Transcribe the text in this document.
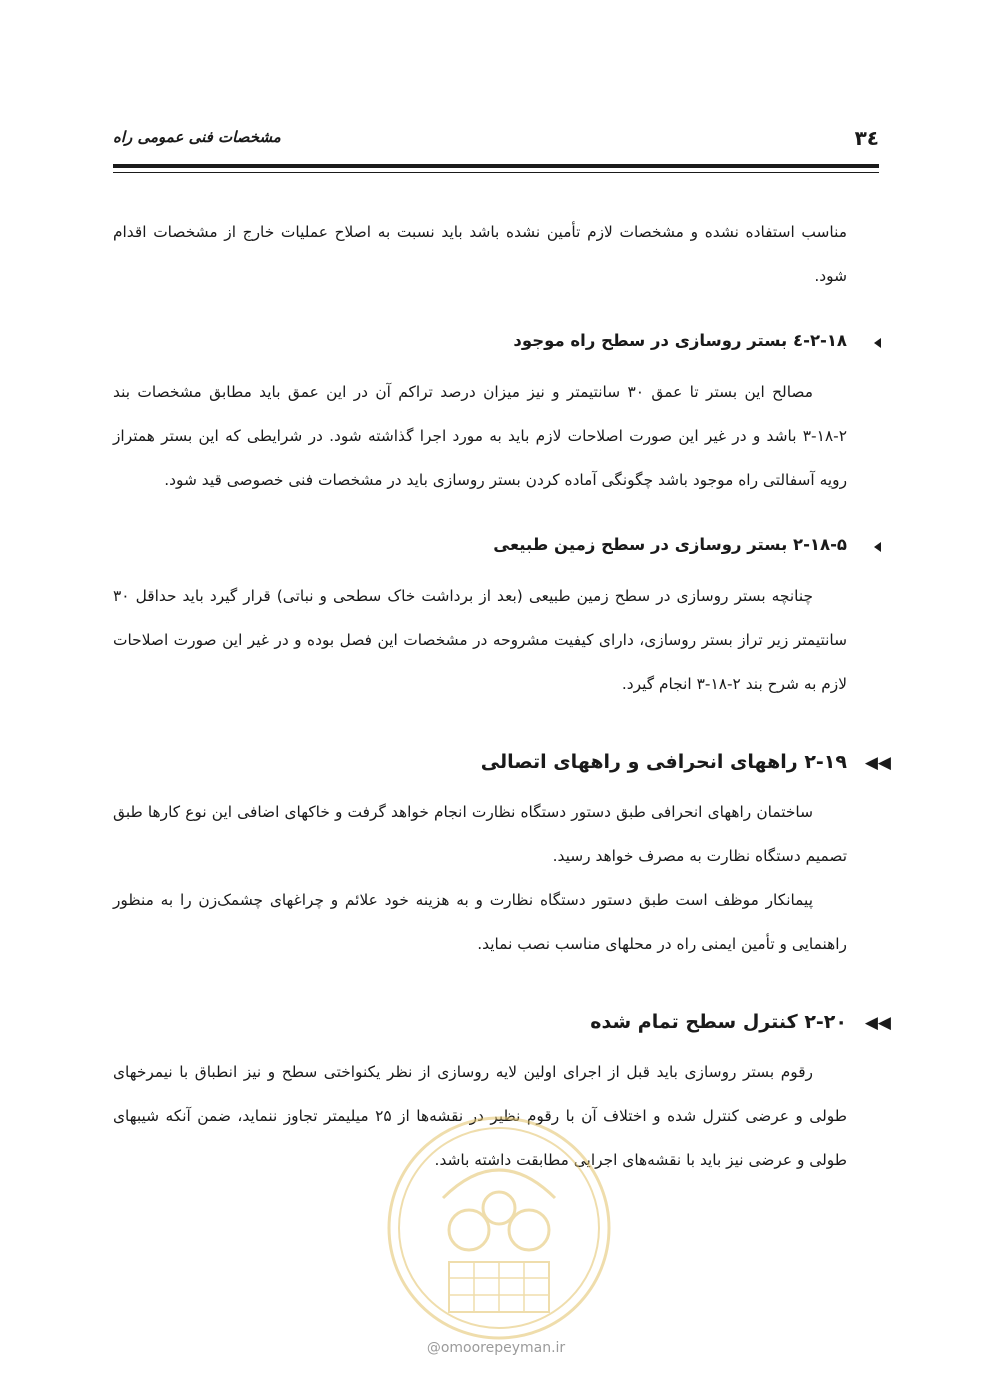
۳٤
مشخصات فنی عمومی راه

مناسب استفاده نشده و مشخصات لازم تأمین نشده باشد باید نسبت به اصلاح عملیات خارج از مشخصات اقدام شود.

۲-۱۸-٤ بستر روسازی در سطح راه موجود

مصالح این بستر تا عمق ۳۰ سانتیمتر و نیز میزان درصد تراکم آن در این عمق باید مطابق مشخصات بند ۲-۱۸-۳ باشد و در غیر این صورت اصلاحات لازم باید به مورد اجرا گذاشته شود. در شرایطی که این بستر همتراز رویه آسفالتی راه موجود باشد چگونگی آماده کردن بستر روسازی باید در مشخصات فنی خصوصی قید شود.

۲-۱۸-۵ بستر روسازی در سطح زمین طبیعی

چنانچه بستر روسازی در سطح زمین طبیعی (بعد از برداشت خاک سطحی و نباتی) قرار گیرد باید حداقل ۳۰ سانتیمتر زیر تراز بستر روسازی، دارای کیفیت مشروحه در مشخصات این فصل بوده و در غیر این صورت اصلاحات لازم به شرح بند ۲-۱۸-۳ انجام گیرد.

◀◀
۲-۱۹ راههای انحرافی و راههای اتصالی

ساختمان راههای انحرافی طبق دستور دستگاه نظارت انجام خواهد گرفت و خاکهای اضافی این نوع کارها طبق تصمیم دستگاه نظارت به مصرف خواهد رسید.

پیمانکار موظف است طبق دستور دستگاه نظارت و به هزینه خود علائم و چراغهای چشمک‌زن را به منظور راهنمایی و تأمین ایمنی راه در محلهای مناسب نصب نماید.

◀◀
۲-۲۰ کنترل سطح تمام شده

رقوم بستر روسازی باید قبل از اجرای اولین لایه روسازی از نظر یکنواختی سطح و نیز انطباق با نیمرخهای طولی و عرضی کنترل شده و اختلاف آن با رقوم نظیر در نقشه‌ها از ۲۵ میلیمتر تجاوز ننماید، ضمن آنکه شیبهای طولی و عرضی نیز باید با نقشه‌های اجرایی مطابقت داشته باشد.

@omoorepeyman.ir
